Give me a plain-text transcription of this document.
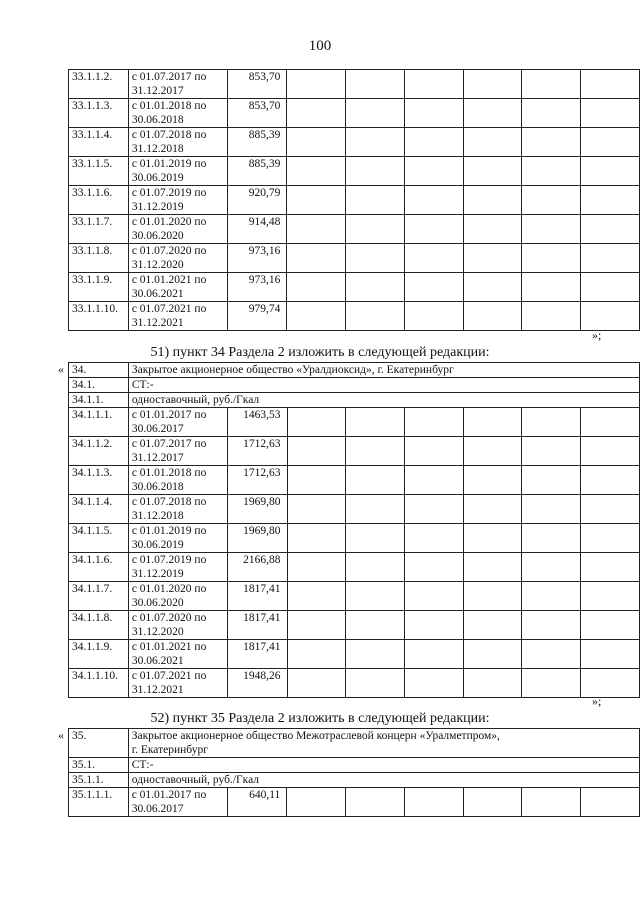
100
33.1.1.2.	с 01.07.2017 по
31.12.2017	853,70						
33.1.1.3.	с 01.01.2018 по
30.06.2018	853,70						
33.1.1.4.	с 01.07.2018 по
31.12.2018	885,39						
33.1.1.5.	с 01.01.2019 по
30.06.2019	885,39						
33.1.1.6.	с 01.07.2019 по
31.12.2019	920,79						
33.1.1.7.	с 01.01.2020 по
30.06.2020	914,48						
33.1.1.8.	с 01.07.2020 по
31.12.2020	973,16						
33.1.1.9.	с 01.01.2021 по
30.06.2021	973,16						
33.1.1.10.	с 01.07.2021 по
31.12.2021	979,74						
»;
51) пункт 34 Раздела 2 изложить в следующей редакции:
« 34.	Закрытое акционерное общество «Уралдиоксид», г. Екатеринбург							
34.1.	СТ:-							
34.1.1.	одноставочный, руб./Гкал							
34.1.1.1.	с 01.01.2017 по
30.06.2017	1463,53						
34.1.1.2.	с 01.07.2017 по
31.12.2017	1712,63						
34.1.1.3.	с 01.01.2018 по
30.06.2018	1712,63						
34.1.1.4.	с 01.07.2018 по
31.12.2018	1969,80						
34.1.1.5.	с 01.01.2019 по
30.06.2019	1969,80						
34.1.1.6.	с 01.07.2019 по
31.12.2019	2166,88						
34.1.1.7.	с 01.01.2020 по
30.06.2020	1817,41						
34.1.1.8.	с 01.07.2020 по
31.12.2020	1817,41						
34.1.1.9.	с 01.01.2021 по
30.06.2021	1817,41						
34.1.1.10.	с 01.07.2021 по
31.12.2021	1948,26						
»;
52) пункт 35 Раздела 2 изложить в следующей редакции:
« 35.	Закрытое акционерное общество Межотраслевой концерн «Уралметпром»,
г. Екатеринбург							
35.1.	СТ:-							
35.1.1.	одноставочный, руб./Гкал							
35.1.1.1.	с 01.01.2017 по
30.06.2017	640,11						
